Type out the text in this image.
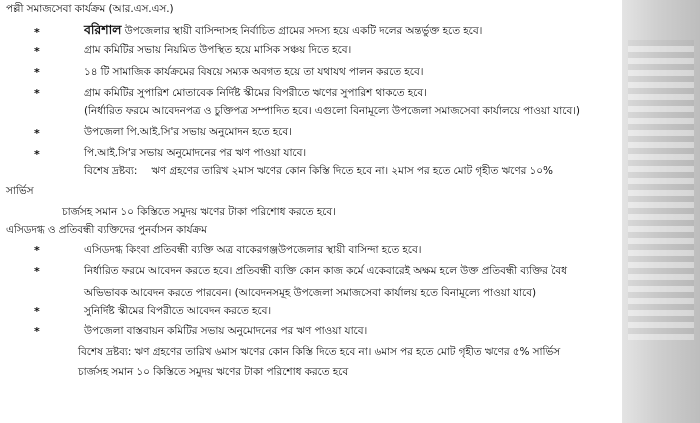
পল্লী সমাজসেবা কার্যক্রম (আর.এস.এস.)
*	বরিশাল উপজেলার স্থায়ী বাসিন্দাসহ নির্বাচিত গ্রামের সদস্য হয়ে একটি দলের অন্তর্ভুক্ত হতে হবে।
*	গ্রাম কমিটির সভায় নিয়মিত উপস্থিত হয়ে মাসিক সঞ্চয় দিতে হবে।
*	১৪ টি সামাজিক কার্যক্রমের বিষয়ে সম্যক অবগত হয়ে তা যথাযথ পালন করতে হবে।
*	গ্রাম কমিটির সুপারিশ মোতাবেক নির্দিষ্ট স্কীমের বিপরীতে ঋণের সুপারিশ থাকতে হবে।
(নির্ধারিত ফরমে আবেদনপত্র ও চুক্তিপত্র সম্পাদিত হবে। এগুলো বিনামূল্যে উপজেলা সমাজসেবা কার্যালয়ে পাওয়া যাবে।)
*	উপজেলা পি.আই.সি'র সভায় অনুমোদন হতে হবে।
*	পি.আই.সি'র সভায় অনুমোদনের পর ঋণ পাওয়া যাবে।
বিশেষ দ্রষ্টব্য: ঋণ গ্রহণের তারিখ ২মাস ঋণের কোন কিস্তি দিতে হবে না। ২মাস পর হতে মোট গৃহীত ঋণের ১০%
সার্ভিস
চার্জসহ সমান ১০ কিস্তিতে সমুদয় ঋণের টাকা পরিশোধ করতে হবে।
এসিডদগ্ধ ও প্রতিবন্ধী ব্যক্তিদের পুনর্বাসন কার্যক্রম
*	এসিডদগ্ধ কিংবা প্রতিবন্ধী ব্যক্তি অত্র বাকেরগঞ্জউপজেলার স্থায়ী বাসিন্দা হতে হবে।
*	নির্ধারিত ফরমে আবেদন করতে হবে। প্রতিবন্ধী ব্যক্তি কোন কাজ কর্মে একেবারেই অক্ষম হলে উক্ত প্রতিবন্ধী ব্যক্তির বৈধ
অভিভাবক আবেদন করতে পারবেন। (আবেদনসমূহ উপজেলা সমাজসেবা কার্যালয় হতে বিনামূল্যে পাওয়া যাবে)
*	সুনির্দিষ্ট স্কীমের বিপরীতে আবেদন করতে হবে।
*	উপজেলা বাস্তবায়ন কমিটির সভায় অনুমোদনের পর ঋণ পাওয়া যাবে।
বিশেষ দ্রষ্টব্য: ঋণ গ্রহণের তারিখ ৬মাস ঋণের কোন কিস্তি দিতে হবে না। ৬মাস পর হতে মোট গৃহীত ঋণের ৫% সার্ভিস
চার্জসহ সমান ১০ কিস্তিতে সমুদয় ঋণের টাকা পরিশোধ করতে হবে
